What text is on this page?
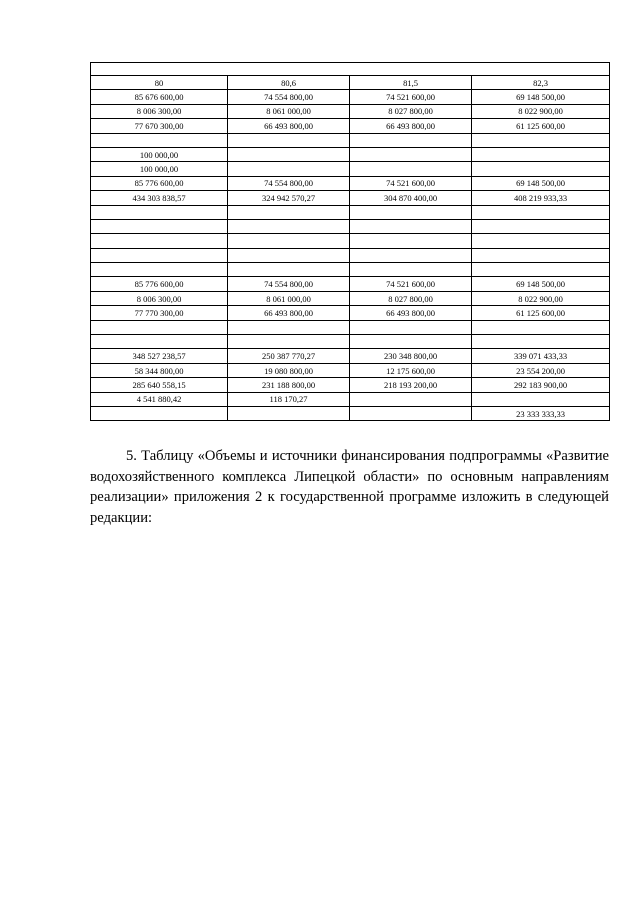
80	80,6	81,5	82,3
85 676 600,00	74 554 800,00	74 521 600,00	69 148 500,00
8 006 300,00	8 061 000,00	8 027 800,00	8 022 900,00
77 670 300,00	66 493 800,00	66 493 800,00	61 125 600,00

100 000,00			
100 000,00			
85 776 600,00	74 554 800,00	74 521 600,00	69 148 500,00
434 303 838,57	324 942 570,27	304 870 400,00	408 219 933,33

85 776 600,00	74 554 800,00	74 521 600,00	69 148 500,00
8 006 300,00	8 061 000,00	8 027 800,00	8 022 900,00
77 770 300,00	66 493 800,00	66 493 800,00	61 125 600,00

348 527 238,57	250 387 770,27	230 348 800,00	339 071 433,33
58 344 800,00	19 080 800,00	12 175 600,00	23 554 200,00
285 640 558,15	231 188 800,00	218 193 200,00	292 183 900,00
4 541 880,42	118 170,27		
			23 333 333,33
5. Таблицу «Объемы и источники финансирования подпрограммы «Развитие водохозяйственного комплекса Липецкой области» по основным направлениям реализации» приложения 2 к государственной программе изложить в следующей редакции:
